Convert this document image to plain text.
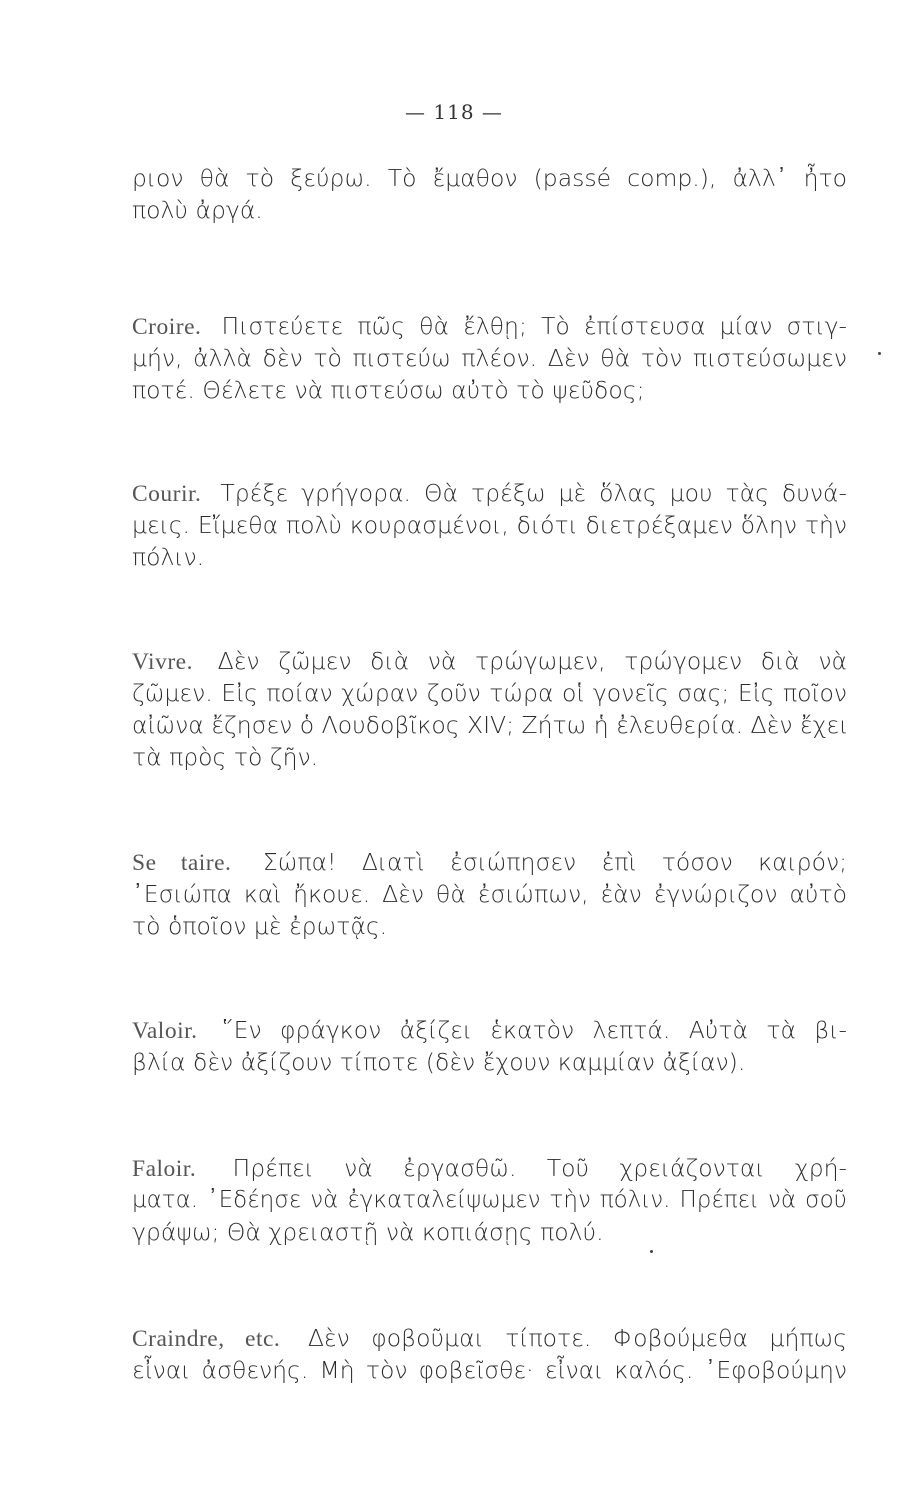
— 118 —
ριον θὰ τὸ ξεύρω. Τὸ ἔμαθον (passé comp.), ἀλλ᾽ ἦτο
πολὺ ἀργά.
Croire. Πιστεύετε πῶς θὰ ἔλθῃ; Τὸ ἐπίστευσα μίαν στιγ-
μήν, ἀλλὰ δὲν τὸ πιστεύω πλέον. Δὲν θὰ τὸν πιστεύσωμεν
ποτέ. Θέλετε νὰ πιστεύσω αὐτὸ τὸ ψεῦδος;
Courir. Τρέξε γρήγορα. Θὰ τρέξω μὲ ὅλας μου τὰς δυνά-
μεις. Εἴμεθα πολὺ κουρασμένοι, διότι διετρέξαμεν ὅλην τὴν
πόλιν.
Vivre. Δὲν ζῶμεν διὰ νὰ τρώγωμεν, τρώγομεν διὰ νὰ
ζῶμεν. Εἰς ποίαν χώραν ζοῦν τώρα οἱ γονεῖς σας; Εἰς ποῖον
αἰῶνα ἔζησεν ὁ Λουδοβῖκος XIV; Ζήτω ἡ ἐλευθερία. Δὲν ἔχει
τὰ πρὸς τὸ ζῆν.
Se taire. Σώπα! Διατὶ ἐσιώπησεν ἐπὶ τόσον καιρόν;
᾽Εσιώπα καὶ ἤκουε. Δὲν θὰ ἐσιώπων, ἐὰν ἐγνώριζον αὐτὸ
τὸ ὁποῖον μὲ ἐρωτᾷς.
Valoir. ῞Εν φράγκον ἀξίζει ἑκατὸν λεπτά. Αὐτὰ τὰ βι-
βλία δὲν ἀξίζουν τίποτε (δὲν ἔχουν καμμίαν ἀξίαν).
Faloir. Πρέπει νὰ ἐργασθῶ. Τοῦ χρειάζονται χρή-
ματα. ᾽Εδέησε νὰ ἐγκαταλείψωμεν τὴν πόλιν. Πρέπει νὰ σοῦ
γράψω; Θὰ χρειαστῇ νὰ κοπιάσῃς πολύ.
Craindre, etc. Δὲν φοβοῦμαι τίποτε. Φοβούμεθα μήπως
εἶναι ἀσθενής. Μὴ τὸν φοβεῖσθε· εἶναι καλός. ᾽Εφοβούμην
